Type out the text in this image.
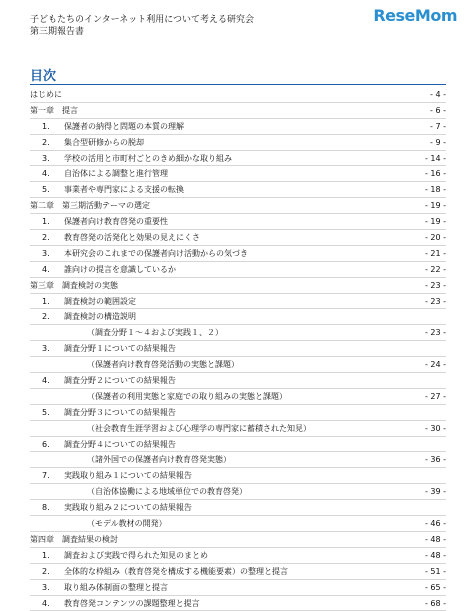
子どもたちのインターネット利用について考える研究会
第三期報告書
ReseMom
目次
はじめに	- 4 -
第一章　提言	- 6 -
1.	保護者の納得と問題の本質の理解	- 7 -
2.	集合型研修からの脱却	- 9 -
3.	学校の活用と市町村ごとのきめ細かな取り組み	- 14 -
4.	自治体による調整と進行管理	- 16 -
5.	事業者や専門家による支援の転換	- 18 -
第二章　第三期活動テーマの選定	- 19 -
1.	保護者向け教育啓発の重要性	- 19 -
2.	教育啓発の活発化と効果の見えにくさ	- 20 -
3.	本研究会のこれまでの保護者向け活動からの気づき	- 21 -
4.	誰向けの提言を意識しているか	- 22 -
第三章　調査検討の実態	- 23 -
1.	調査検討の範囲設定	- 23 -
2.	調査検討の構造説明
（調査分野１〜４および実践１、２）	- 23 -
3.	調査分野１についての結果報告
（保護者向け教育啓発活動の実態と課題）	- 24 -
4.	調査分野２についての結果報告
（保護者の利用実態と家庭での取り組みの実態と課題）	- 27 -
5.	調査分野３についての結果報告
（社会教育生涯学習および心理学の専門家に蓄積された知見）	- 30 -
6.	調査分野４についての結果報告
（諸外国での保護者向け教育啓発実態）	- 36 -
7.	実践取り組み１についての結果報告
（自治体協働による地域単位での教育啓発）	- 39 -
8.	実践取り組み２についての結果報告
（モデル教材の開発）	- 46 -
第四章　調査結果の検討	- 48 -
1.	調査および実践で得られた知見のまとめ	- 48 -
2.	全体的な枠組み（教育啓発を構成する機能要素）の整理と提言	- 51 -
3.	取り組み体制面の整理と提言	- 65 -
4.	教育啓発コンテンツの課題整理と提言	- 68 -
